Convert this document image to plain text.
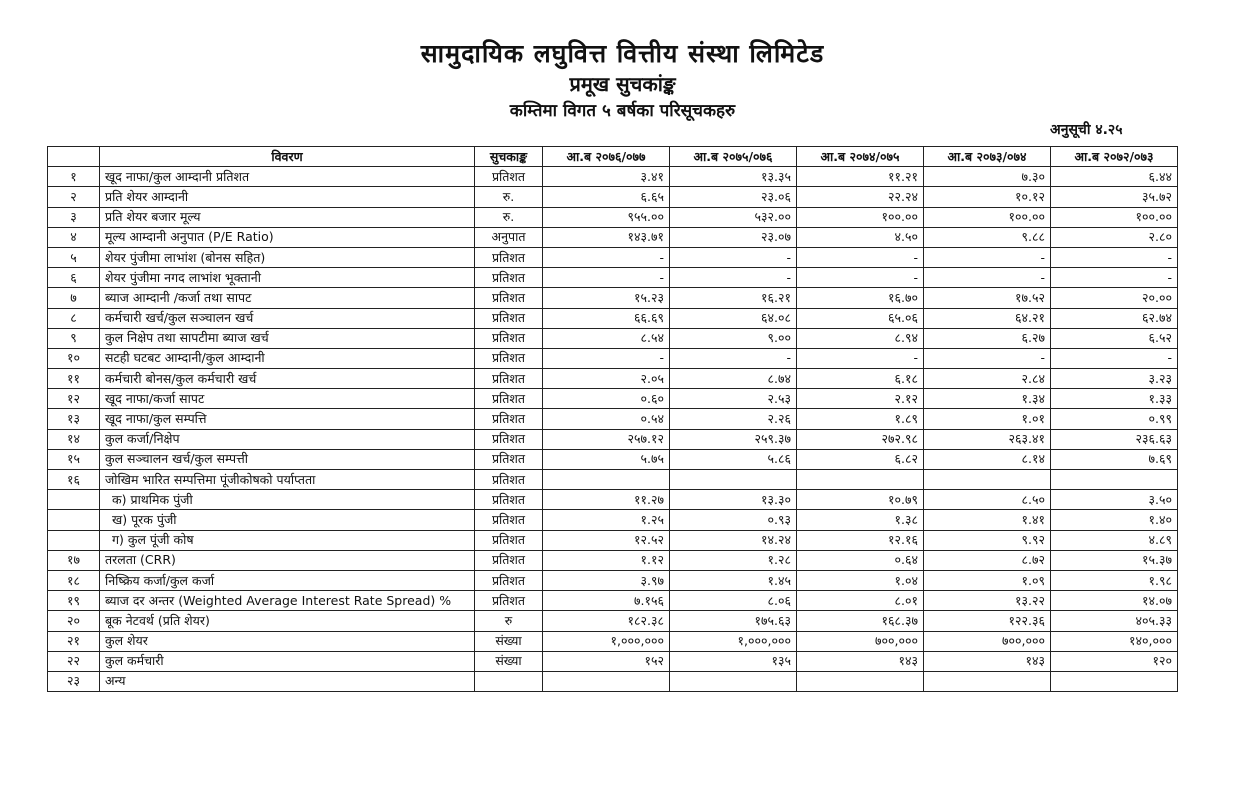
सामुदायिक लघुवित्त वित्तीय संस्था लिमिटेड
प्रमूख सुचकांङ्क
कम्तिमा विगत ५ बर्षका परिसूचकहरु
अनुसूची ४.२५
	विवरण	सुचकाङ्क	आ.ब २०७६/०७७	आ.ब २०७५/०७६	आ.ब २०७४/०७५	आ.ब २०७३/०७४	आ.ब २०७२/०७३
१	खूद नाफा/कुल आम्दानी प्रतिशत	प्रतिशत	३.४१	१३.३५	११.२१	७.३०	६.४४
२	प्रति शेयर आम्दानी	रु.	६.६५	२३.०६	२२.२४	१०.१२	३५.७२
३	प्रति शेयर बजार मूल्य	रु.	९५५.००	५३२.००	१००.००	१००.००	१००.००
४	मूल्य आम्दानी अनुपात (P/E Ratio)	अनुपात	१४३.७१	२३.०७	४.५०	९.८८	२.८०
५	शेयर पुंजीमा लाभांश (बोनस सहित)	प्रतिशत	-	-	-	-	-
६	शेयर पुंजीमा नगद लाभांश भूक्तानी	प्रतिशत	-	-	-	-	-
७	ब्याज आम्दानी /कर्जा तथा सापट	प्रतिशत	१५.२३	१६.२१	१६.७०	१७.५२	२०.००
८	कर्मचारी खर्च/कुल सञ्चालन खर्च	प्रतिशत	६६.६९	६४.०८	६५.०६	६४.२१	६२.७४
९	कुल निक्षेप तथा सापटीमा ब्याज खर्च	प्रतिशत	८.५४	९.००	८.९४	६.२७	६.५२
१०	सटही घटबट आम्दानी/कुल आम्दानी	प्रतिशत	-	-	-	-	-
११	कर्मचारी बोनस/कुल कर्मचारी खर्च	प्रतिशत	२.०५	८.७४	६.१८	२.८४	३.२३
१२	खूद नाफा/कर्जा सापट	प्रतिशत	०.६०	२.५३	२.१२	१.३४	१.३३
१३	खूद नाफा/कुल सम्पत्ति	प्रतिशत	०.५४	२.२६	१.८९	१.०१	०.९९
१४	कुल कर्जा/निक्षेप	प्रतिशत	२५७.१२	२५९.३७	२७२.९८	२६३.४१	२३६.६३
१५	कुल सञ्चालन खर्च/कुल सम्पत्ती	प्रतिशत	५.७५	५.८६	६.८२	८.१४	७.६९
१६	जोखिम भारित सम्पत्तिमा पूंजीकोषको पर्याप्तता	प्रतिशत					
	क) प्राथमिक पुंजी	प्रतिशत	११.२७	१३.३०	१०.७९	८.५०	३.५०
	ख) पूरक पुंजी	प्रतिशत	१.२५	०.९३	१.३८	१.४१	१.४०
	ग) कुल पूंजी कोष	प्रतिशत	१२.५२	१४.२४	१२.१६	९.९२	४.८९
१७	तरलता (CRR)	प्रतिशत	१.१२	१.२८	०.६४	८.७२	१५.३७
१८	निष्क्रिय कर्जा/कुल कर्जा	प्रतिशत	३.९७	१.४५	१.०४	१.०९	१.९८
१९	ब्याज दर अन्तर (Weighted Average Interest Rate Spread) %	प्रतिशत	७.१५६	८.०६	८.०१	१३.२२	१४.०७
२०	बूक नेटवर्थ (प्रति शेयर)	रु	१८२.३८	१७५.६३	१६८.३७	१२२.३६	४०५.३३
२१	कुल शेयर	संख्या	१,०००,०००	१,०००,०००	७००,०००	७००,०००	१४०,०००
२२	कुल कर्मचारी	संख्या	१५२	१३५	१४३	१४३	१२०
२३	अन्य						
